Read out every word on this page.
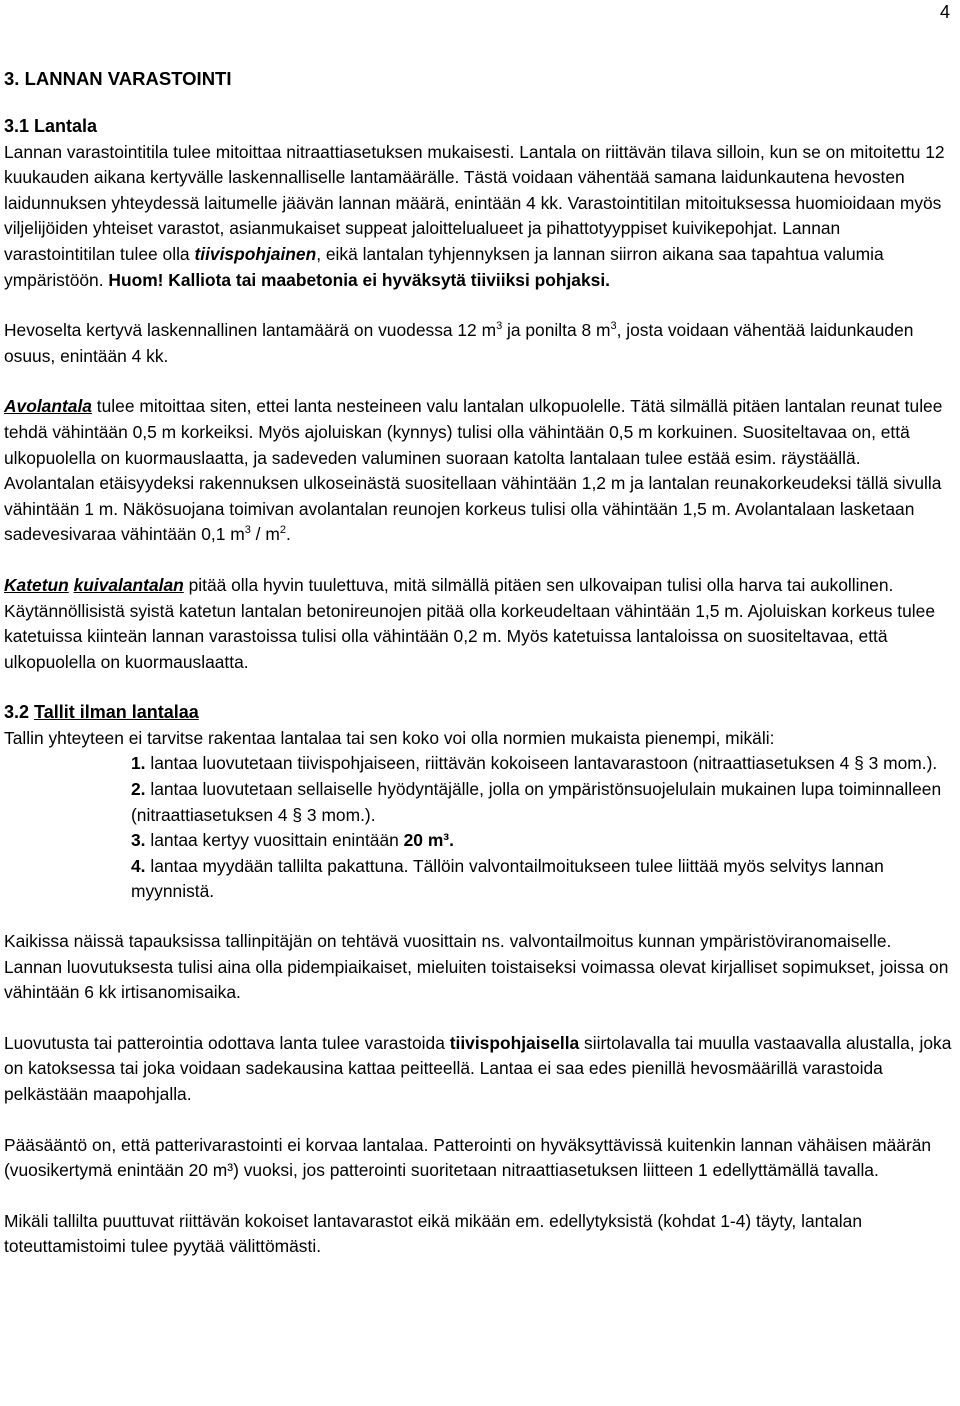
4
3. LANNAN VARASTOINTI
3.1 Lantala

Lannan varastointitila tulee mitoittaa nitraattiasetuksen mukaisesti. Lantala on riittävän tilava silloin, kun se on mitoitettu 12 kuukauden aikana kertyvälle laskennalliselle lantamäärälle. Tästä voidaan vähentää samana laidunkautena hevosten laidunnuksen yhteydessä laitumelle jäävän lannan määrä, enintään 4 kk. Varastointitilan mitoituksessa huomioidaan myös viljelijöiden yhteiset varastot, asianmukaiset suppeat jaloittelualueet ja pihattotyyppiset kuivikepohjat. Lannan varastointitilan tulee olla tiivispohjainen, eikä lantalan tyhjennyksen ja lannan siirron aikana saa tapahtua valumia ympäristöön. Huom! Kalliota tai maabetonia ei hyväksytä tiiviiksi pohjaksi.

Hevoselta kertyvä laskennallinen lantamäärä on vuodessa 12 $m^3$ ja ponilta 8 $m^3$, josta voidaan vähentää laidunkauden osuus, enintään 4 kk.

Avolantala tulee mitoittaa siten, ettei lanta nesteineen valu lantalan ulkopuolelle. Tätä silmällä pitäen lantalan reunat tulee tehdä vähintään 0,5 m korkeiksi. Myös ajoluiskan (kynnys) tulisi olla vähintään 0,5 m korkuinen. Suositeltavaa on, että ulkopuolella on kuormauslaatta, ja sadeveden valuminen suoraan katolta lantalaan tulee estää esim. räystäällä. Avolantalan etäisyydeksi rakennuksen ulkoseinästä suositellaan vähintään 1,2 m ja lantalan reunakorkeudeksi tällä sivulla vähintään 1 m. Näkösuojana toimivan avolantalan reunojen korkeus tulisi olla vähintään 1,5 m. Avolantalaan lasketaan sadevesivaraa vähintään 0,1 $m^3 / m^2$.

Katetun kuivalantalan pitää olla hyvin tuulettuva, mitä silmällä pitäen sen ulkovaipan tulisi olla harva tai aukollinen. Käytännöllisistä syistä katetun lantalan betonireunojen pitää olla korkeudeltaan vähintään 1,5 m. Ajoluiskan korkeus tulee katetuissa kiinteän lannan varastoissa tulisi olla vähintään 0,2 m. Myös katetuissa lantaloissa on suositeltavaa, että ulkopuolella on kuormauslaatta.

3.2 Tallit ilman lantalaa

Tallin yhteyteen ei tarvitse rakentaa lantalaa tai sen koko voi olla normien mukaista pienempi, mikäli:

1. lantaa luovutetaan tiivispohjaiseen, riittävän kokoiseen lantavarastoon (nitraattiasetuksen 4 § 3 mom.).
2. lantaa luovutetaan sellaiselle hyödyntäjälle, jolla on ympäristönsuojelulain mukainen lupa toiminnalleen (nitraattiasetuksen 4 § 3 mom.).
3. lantaa kertyy vuosittain enintään 20 m³.
4. lantaa myydään tallilta pakattuna. Tällöin valvontailmoitukseen tulee liittää myös selvitys lannan myynnistä.

Kaikissa näissä tapauksissa tallinpitäjän on tehtävä vuosittain ns. valvontailmoitus kunnan ympäristöviranomaiselle. Lannan luovutuksesta tulisi aina olla pidempiaikaiset, mieluiten toistaiseksi voimassa olevat kirjalliset sopimukset, joissa on vähintään 6 kk irtisanomisaika.

Luovutusta tai patterointia odottava lanta tulee varastoida tiivispohjaisella siirtolavalla tai muulla vastaavalla alustalla, joka on katoksessa tai joka voidaan sadekausina kattaa peitteellä. Lantaa ei saa edes pienillä hevosmäärillä varastoida pelkästään maapohjalla.

Pääsääntö on, että patterivarastointi ei korvaa lantalaa. Patterointi on hyväksyttävissä kuitenkin lannan vähäisen määrän (vuosikertymä enintään 20 m³) vuoksi, jos patterointi suoritetaan nitraattiasetuksen liitteen 1 edellyttämällä tavalla.

Mikäli tallilta puuttuvat riittävän kokoiset lantavarastot eikä mikään em. edellytyksistä (kohdat 1-4) täyty, lantalan toteuttamistoimi tulee pyytää välittömästi.
